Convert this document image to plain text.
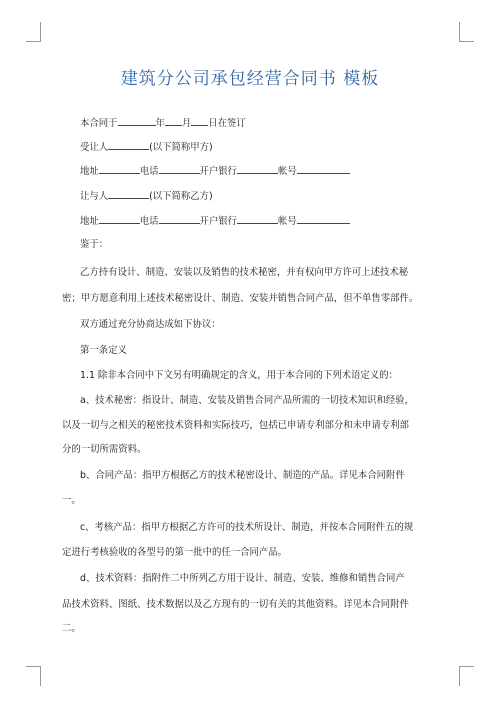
建筑分公司承包经营合同书 模板
本合同于	年 月 日在签订
受让人	(以下简称甲方)
地址	电话	开户银行	帐号
让与人	(以下简称乙方)
地址	电话	开户银行	帐号
鉴于：
乙方持有设计、制造、安装以及销售的技术秘密，并有权向甲方许可上述技术秘
密；甲方愿意利用上述技术秘密设计、制造、安装并销售合同产品，但不单售零部件。
双方通过充分协商达成如下协议：
第一条定义
1.1 除非本合同中下文另有明确规定的含义，用于本合同的下列术语定义的：
a、技术秘密：指设计、制造、安装及销售合同产品所需的一切技术知识和经验，
以及一切与之相关的秘密技术资料和实际技巧，包括已申请专利部分和未申请专利部
分的一切所需资料。
b、合同产品：指甲方根据乙方的技术秘密设计、制造的产品。详见本合同附件
一。
c、考核产品：指甲方根据乙方许可的技术所设计、制造，并按本合同附件五的规
定进行考核验收的各型号的第一批中的任一合同产品。
d、技术资料：指附件二中所列乙方用于设计、制造、安装、维修和销售合同产
品技术资料、图纸、技术数据以及乙方现有的一切有关的其他资料。详见本合同附件
二。
